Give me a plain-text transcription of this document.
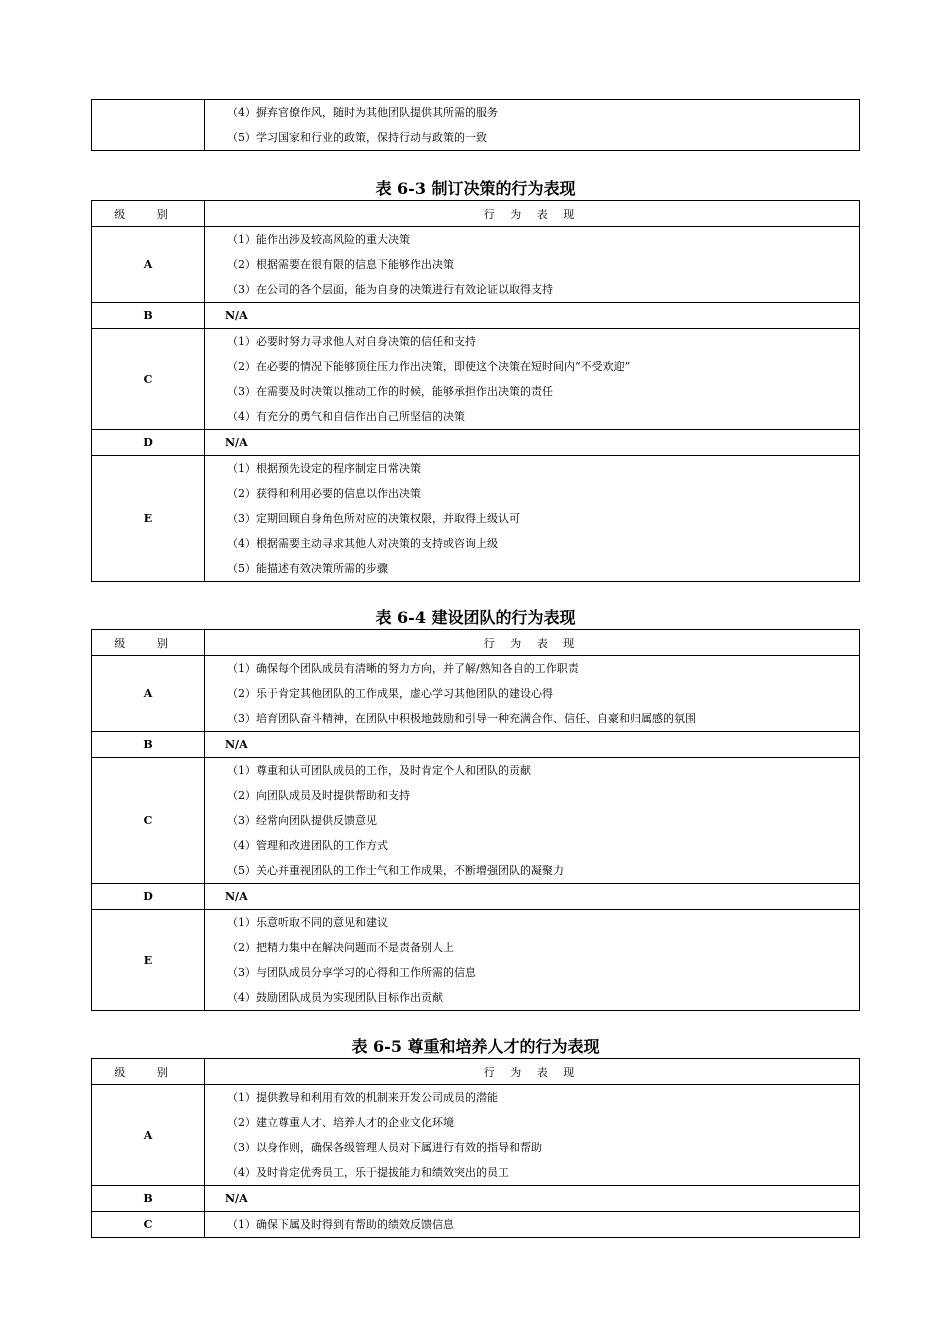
（4）摒弃官僚作风，随时为其他团队提供其所需的服务
（5）学习国家和行业的政策，保持行动与政策的一致
表 6-3 制订决策的行为表现
级 别	行 为 表 现
A	（1）能作出涉及较高风险的重大决策
（2）根据需要在很有限的信息下能够作出决策
（3）在公司的各个层面，能为自身的决策进行有效论证以取得支持

B	N/A

C	（1）必要时努力寻求他人对自身决策的信任和支持
（2）在必要的情况下能够顶住压力作出决策，即使这个决策在短时间内“不受欢迎”
（3）在需要及时决策以推动工作的时候，能够承担作出决策的责任
（4）有充分的勇气和自信作出自己所坚信的决策

D	N/A

E	（1）根据预先设定的程序制定日常决策
（2）获得和利用必要的信息以作出决策
（3）定期回顾自身角色所对应的决策权限，并取得上级认可
（4）根据需要主动寻求其他人对决策的支持或咨询上级
（5）能描述有效决策所需的步骤
表 6-4 建设团队的行为表现
级 别	行 为 表 现
A	（1）确保每个团队成员有清晰的努力方向，并了解/熟知各自的工作职责
（2）乐于肯定其他团队的工作成果，虚心学习其他团队的建设心得
（3）培育团队奋斗精神，在团队中积极地鼓励和引导一种充满合作、信任、自豪和归属感的氛围

B	N/A

C	（1）尊重和认可团队成员的工作，及时肯定个人和团队的贡献
（2）向团队成员及时提供帮助和支持
（3）经常向团队提供反馈意见
（4）管理和改进团队的工作方式
（5）关心并重视团队的工作士气和工作成果，不断增强团队的凝聚力

D	N/A

E	（1）乐意听取不同的意见和建议
（2）把精力集中在解决问题而不是责备别人上
（3）与团队成员分享学习的心得和工作所需的信息
（4）鼓励团队成员为实现团队目标作出贡献
表 6-5 尊重和培养人才的行为表现
级 别	行 为 表 现
A	（1）提供教导和利用有效的机制来开发公司成员的潜能
（2）建立尊重人才、培养人才的企业文化环境
（3）以身作则，确保各级管理人员对下属进行有效的指导和帮助
（4）及时肯定优秀员工，乐于提拔能力和绩效突出的员工

B	N/A

C	（1）确保下属及时得到有帮助的绩效反馈信息
